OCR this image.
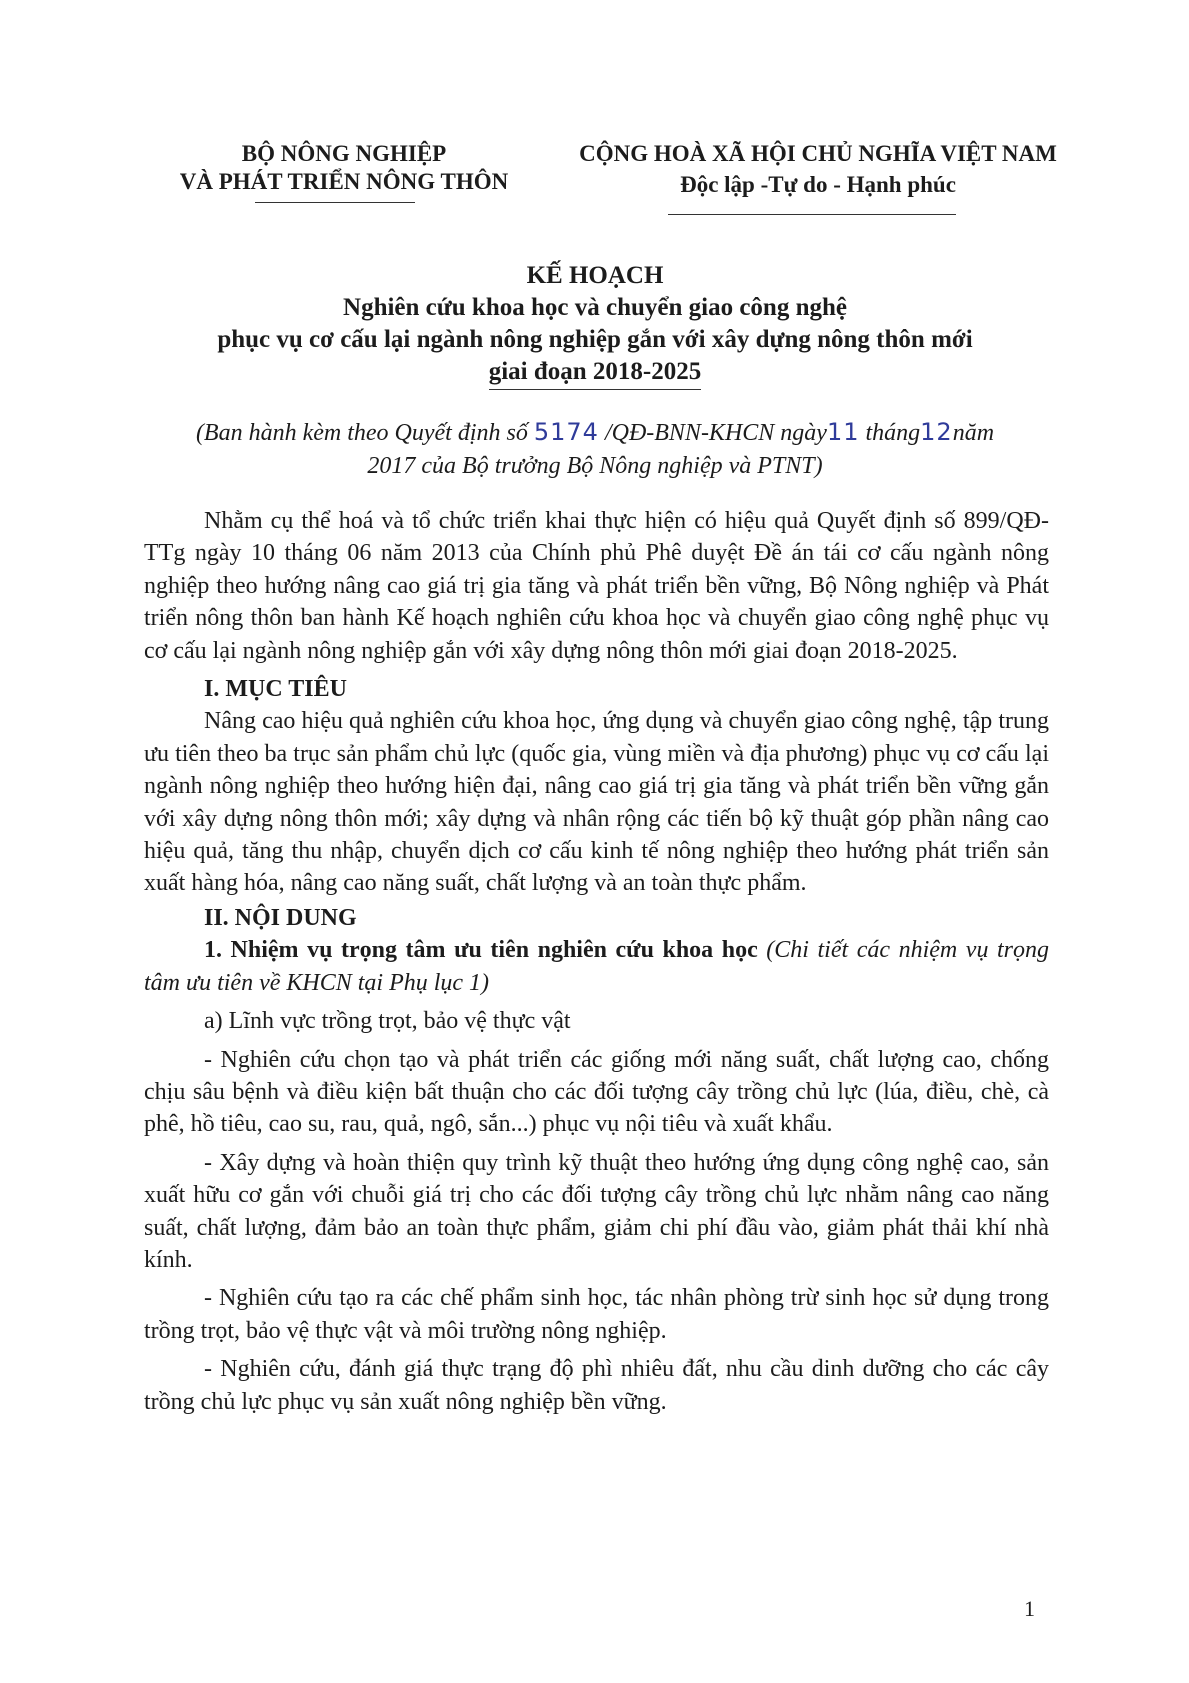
BỘ NÔNG NGHIỆP
VÀ PHÁT TRIỂN NÔNG THÔN
CỘNG HOÀ XÃ HỘI CHỦ NGHĨA VIỆT NAM
Độc lập -Tự do - Hạnh phúc
KẾ HOẠCH
Nghiên cứu khoa học và chuyển giao công nghệ
phục vụ cơ cấu lại ngành nông nghiệp gắn với xây dựng nông thôn mới
giai đoạn 2018-2025
(Ban hành kèm theo Quyết định số 5174 /QĐ-BNN-KHCN ngày11 tháng12năm
2017 của Bộ trưởng Bộ Nông nghiệp và PTNT)

Nhằm cụ thể hoá và tổ chức triển khai thực hiện có hiệu quả Quyết định số 899/QĐ-TTg ngày 10 tháng 06 năm 2013 của Chính phủ Phê duyệt Đề án tái cơ cấu ngành nông nghiệp theo hướng nâng cao giá trị gia tăng và phát triển bền vững, Bộ Nông nghiệp và Phát triển nông thôn ban hành Kế hoạch nghiên cứu khoa học và chuyển giao công nghệ phục vụ cơ cấu lại ngành nông nghiệp gắn với xây dựng nông thôn mới giai đoạn 2018-2025.

I. MỤC TIÊU

Nâng cao hiệu quả nghiên cứu khoa học, ứng dụng và chuyển giao công nghệ, tập trung ưu tiên theo ba trục sản phẩm chủ lực (quốc gia, vùng miền và địa phương) phục vụ cơ cấu lại ngành nông nghiệp theo hướng hiện đại, nâng cao giá trị gia tăng và phát triển bền vững gắn với xây dựng nông thôn mới; xây dựng và nhân rộng các tiến bộ kỹ thuật góp phần nâng cao hiệu quả, tăng thu nhập, chuyển dịch cơ cấu kinh tế nông nghiệp theo hướng phát triển sản xuất hàng hóa, nâng cao năng suất, chất lượng và an toàn thực phẩm.

II. NỘI DUNG

1. Nhiệm vụ trọng tâm ưu tiên nghiên cứu khoa học (Chi tiết các nhiệm vụ trọng tâm ưu tiên về KHCN tại Phụ lục 1)

a) Lĩnh vực trồng trọt, bảo vệ thực vật

- Nghiên cứu chọn tạo và phát triển các giống mới năng suất, chất lượng cao, chống chịu sâu bệnh và điều kiện bất thuận cho các đối tượng cây trồng chủ lực (lúa, điều, chè, cà phê, hồ tiêu, cao su, rau, quả, ngô, sắn...) phục vụ nội tiêu và xuất khẩu.

- Xây dựng và hoàn thiện quy trình kỹ thuật theo hướng ứng dụng công nghệ cao, sản xuất hữu cơ gắn với chuỗi giá trị cho các đối tượng cây trồng chủ lực nhằm nâng cao năng suất, chất lượng, đảm bảo an toàn thực phẩm, giảm chi phí đầu vào, giảm phát thải khí nhà kính.

- Nghiên cứu tạo ra các chế phẩm sinh học, tác nhân phòng trừ sinh học sử dụng trong trồng trọt, bảo vệ thực vật và môi trường nông nghiệp.

- Nghiên cứu, đánh giá thực trạng độ phì nhiêu đất, nhu cầu dinh dưỡng cho các cây trồng chủ lực phục vụ sản xuất nông nghiệp bền vững.

1
